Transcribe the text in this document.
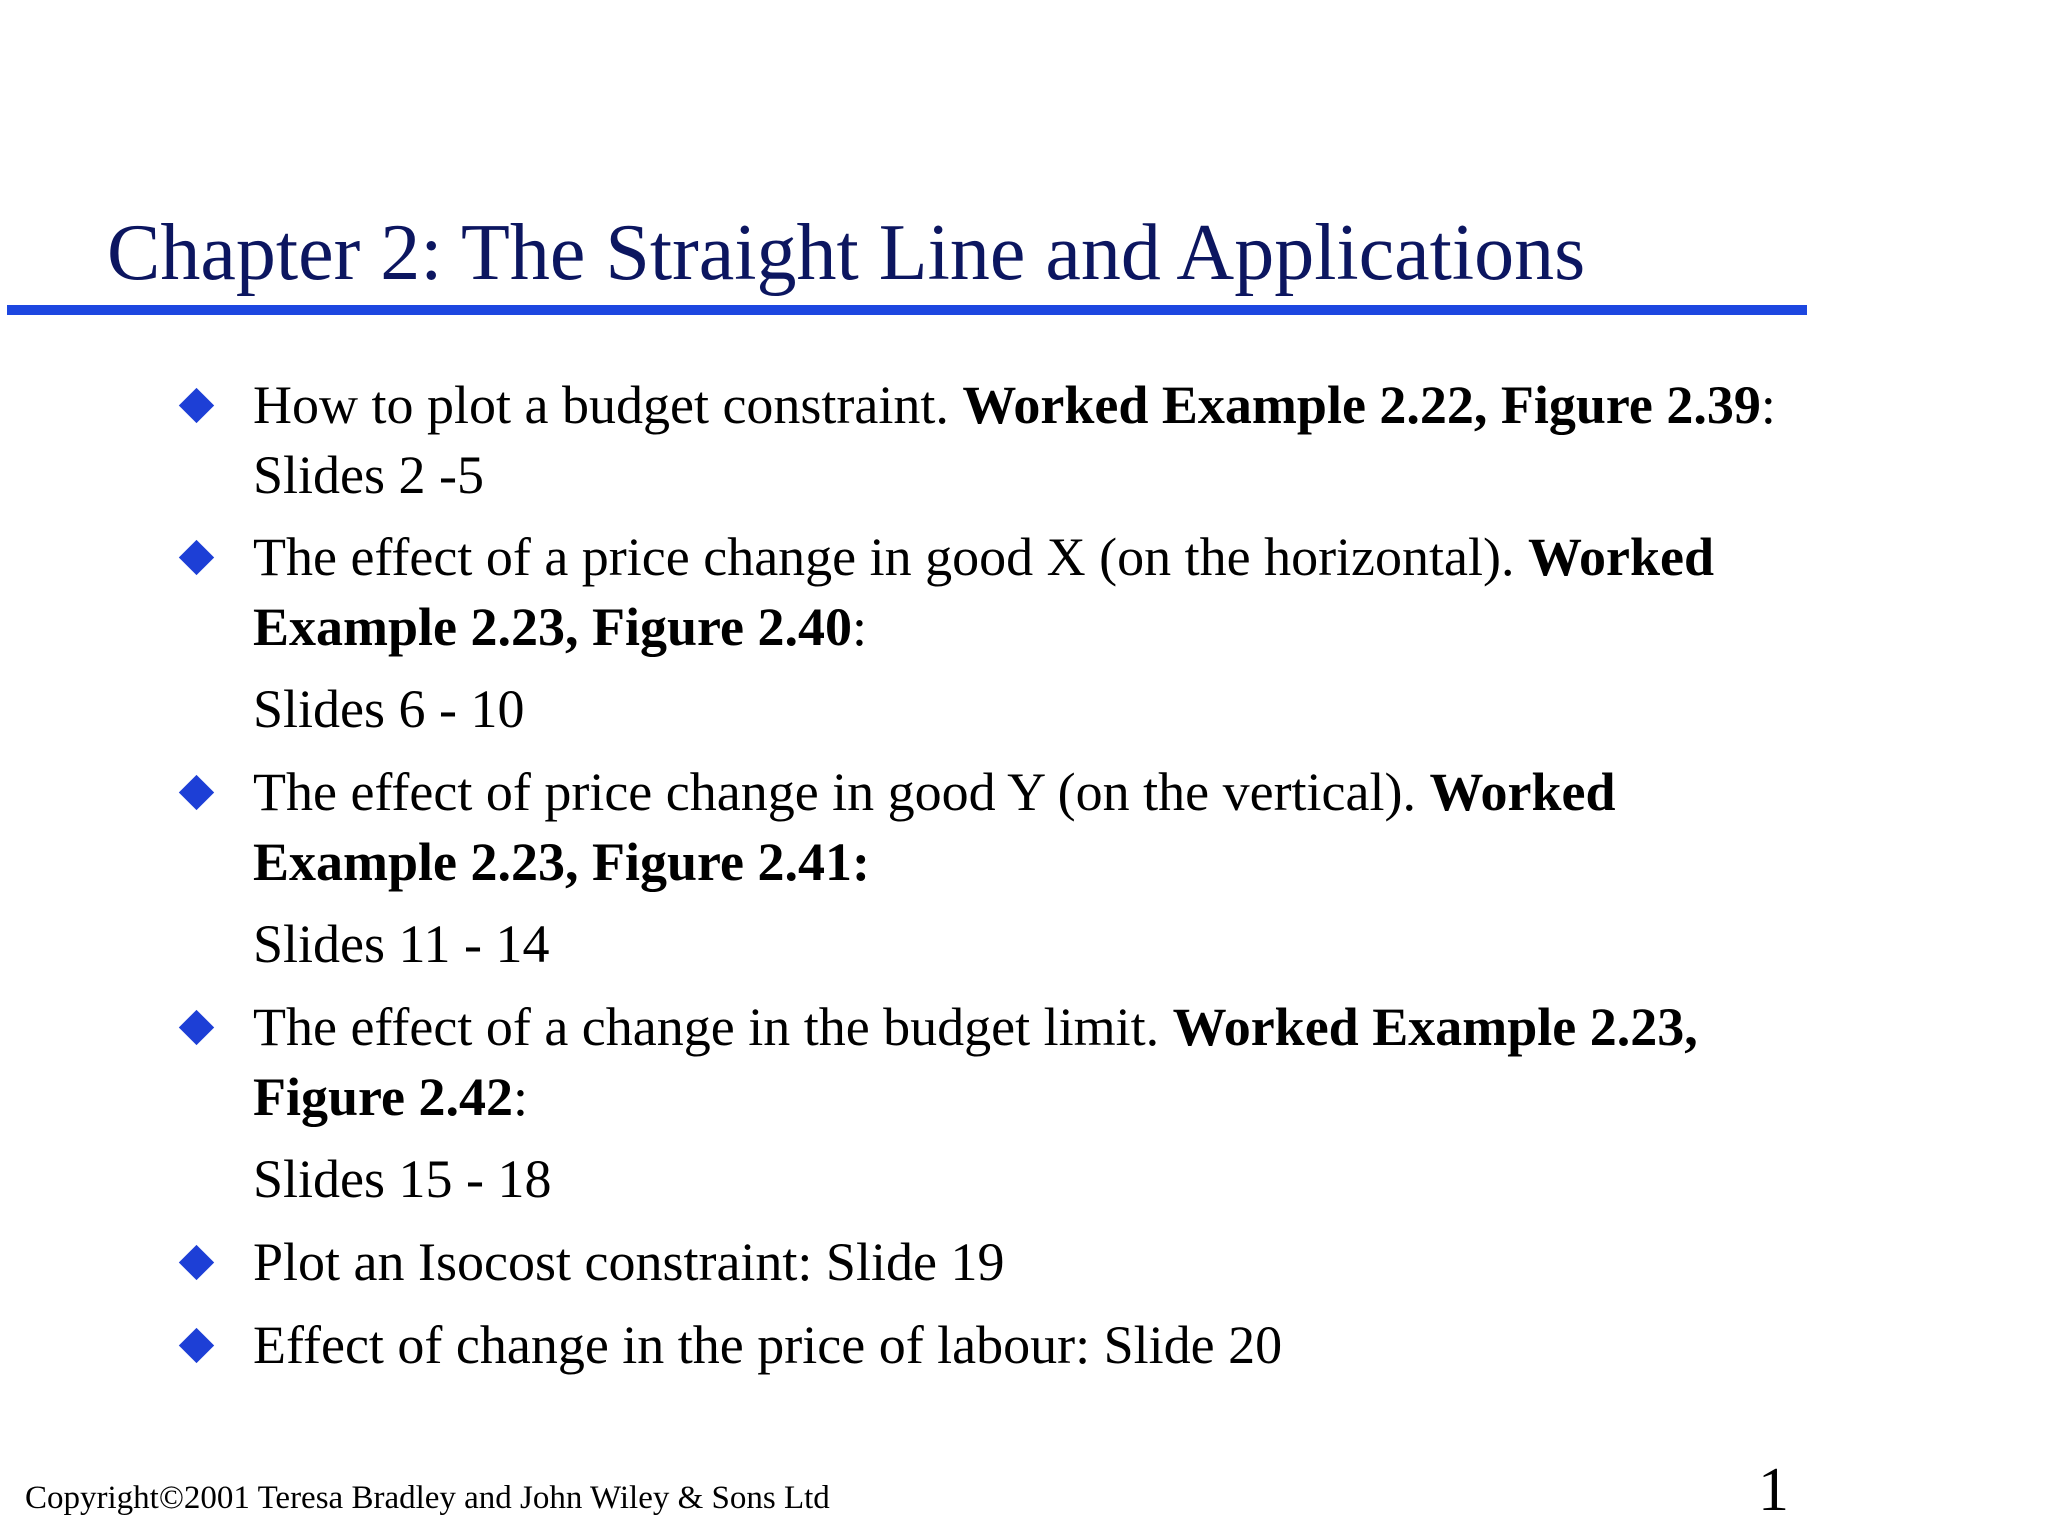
Chapter 2: The Straight Line and Applications
How to plot a budget constraint. Worked Example 2.22, Figure 2.39:
Slides 2 -5
The effect of a price change in good X (on the horizontal). Worked
Example 2.23, Figure 2.40:
Slides 6 - 10
The effect of price change in good Y (on the vertical). Worked
Example 2.23, Figure 2.41:
Slides 11 - 14
The effect of a change in the budget limit. Worked Example 2.23,
Figure 2.42:
Slides 15 - 18
Plot an Isocost constraint: Slide 19
Effect of change in the price of labour: Slide 20
Copyright©2001 Teresa Bradley and John Wiley & Sons Ltd	1
